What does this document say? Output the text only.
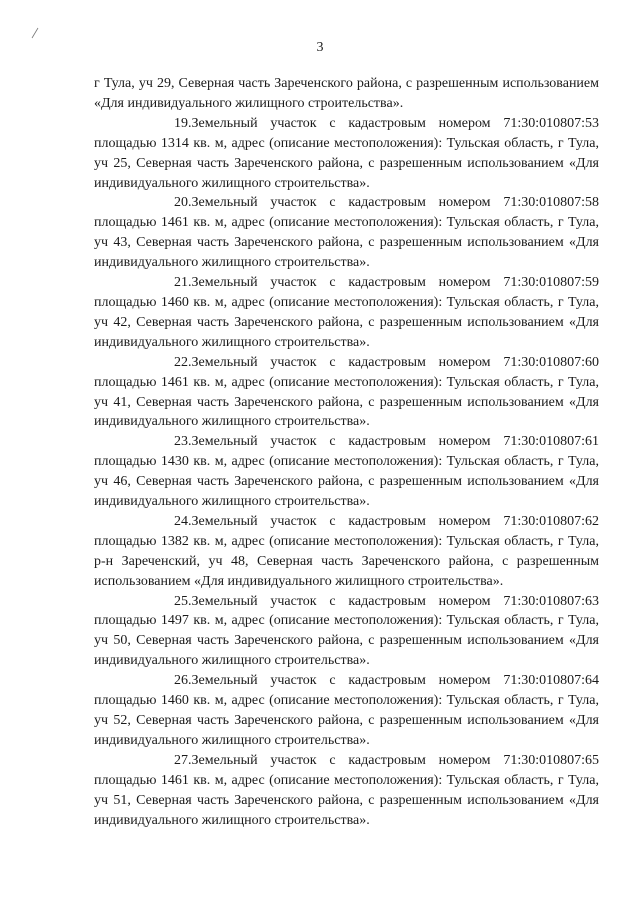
3

г Тула, уч 29, Северная часть Зареченского района, с разрешенным использованием «Для индивидуального жилищного строительства».

19.Земельный участок с кадастровым номером 71:30:010807:53 площадью 1314 кв. м, адрес (описание местоположения): Тульская область, г Тула, уч 25, Северная часть Зареченского района, с разрешенным использованием «Для индивидуального жилищного строительства».

20.Земельный участок с кадастровым номером 71:30:010807:58 площадью 1461 кв. м, адрес (описание местоположения): Тульская область, г Тула, уч 43, Северная часть Зареченского района, с разрешенным использованием «Для индивидуального жилищного строительства».

21.Земельный участок с кадастровым номером 71:30:010807:59 площадью 1460 кв. м, адрес (описание местоположения): Тульская область, г Тула, уч 42, Северная часть Зареченского района, с разрешенным использованием «Для индивидуального жилищного строительства».

22.Земельный участок с кадастровым номером 71:30:010807:60 площадью 1461 кв. м, адрес (описание местоположения): Тульская область, г Тула, уч 41, Северная часть Зареченского района, с разрешенным использованием «Для индивидуального жилищного строительства».

23.Земельный участок с кадастровым номером 71:30:010807:61 площадью 1430 кв. м, адрес (описание местоположения): Тульская область, г Тула, уч 46, Северная часть Зареченского района, с разрешенным использованием «Для индивидуального жилищного строительства».

24.Земельный участок с кадастровым номером 71:30:010807:62 площадью 1382 кв. м, адрес (описание местоположения): Тульская область, г Тула, р-н Зареченский, уч 48, Северная часть Зареченского района, с разрешенным использованием «Для индивидуального жилищного строительства».

25.Земельный участок с кадастровым номером 71:30:010807:63 площадью 1497 кв. м, адрес (описание местоположения): Тульская область, г Тула, уч 50, Северная часть Зареченского района, с разрешенным использованием «Для индивидуального жилищного строительства».

26.Земельный участок с кадастровым номером 71:30:010807:64 площадью 1460 кв. м, адрес (описание местоположения): Тульская область, г Тула, уч 52, Северная часть Зареченского района, с разрешенным использованием «Для индивидуального жилищного строительства».

27.Земельный участок с кадастровым номером 71:30:010807:65 площадью 1461 кв. м, адрес (описание местоположения): Тульская область, г Тула, уч 51, Северная часть Зареченского района, с разрешенным использованием «Для индивидуального жилищного строительства».
